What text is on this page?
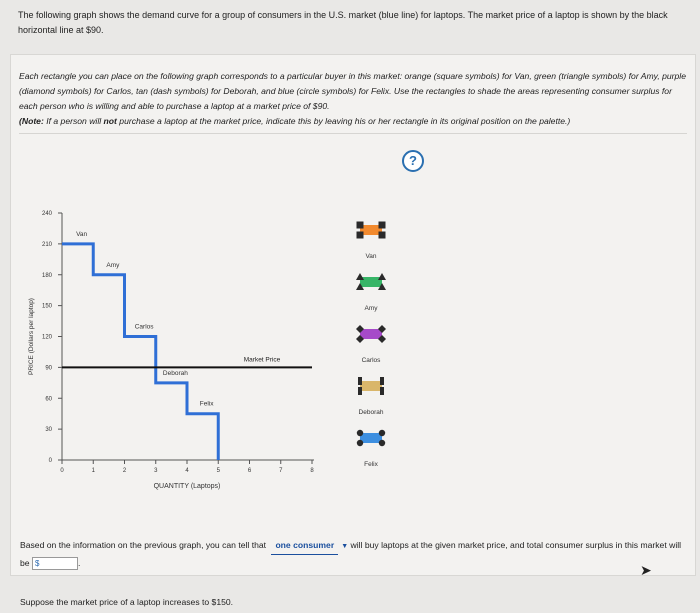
The following graph shows the demand curve for a group of consumers in the U.S. market (blue line) for laptops. The market price of a laptop is shown by the black horizontal line at $90.
Each rectangle you can place on the following graph corresponds to a particular buyer in this market: orange (square symbols) for Van, green (triangle symbols) for Amy, purple (diamond symbols) for Carlos, tan (dash symbols) for Deborah, and blue (circle symbols) for Felix. Use the rectangles to shade the areas representing consumer surplus for each person who is willing and able to purchase a laptop at a market price of $90.
(Note: If a person will not purchase a laptop at the market price, indicate this by leaving his or her rectangle in its original position on the palette.)
?
0
30
60
90
120
150
180
210
240
0	1	2	3	4	5	6	7	8
PRICE (Dollars per laptop)
QUANTITY (Laptops)
Van
Amy
Carlos
Deborah
Felix
Market Price
Van
Amy
Carlos
Deborah
Felix
Based on the information on the previous graph, you can tell that one consumer ▼ will buy laptops at the given market price, and total consumer surplus in this market will be $	.
Suppose the market price of a laptop increases to $150.
➤
